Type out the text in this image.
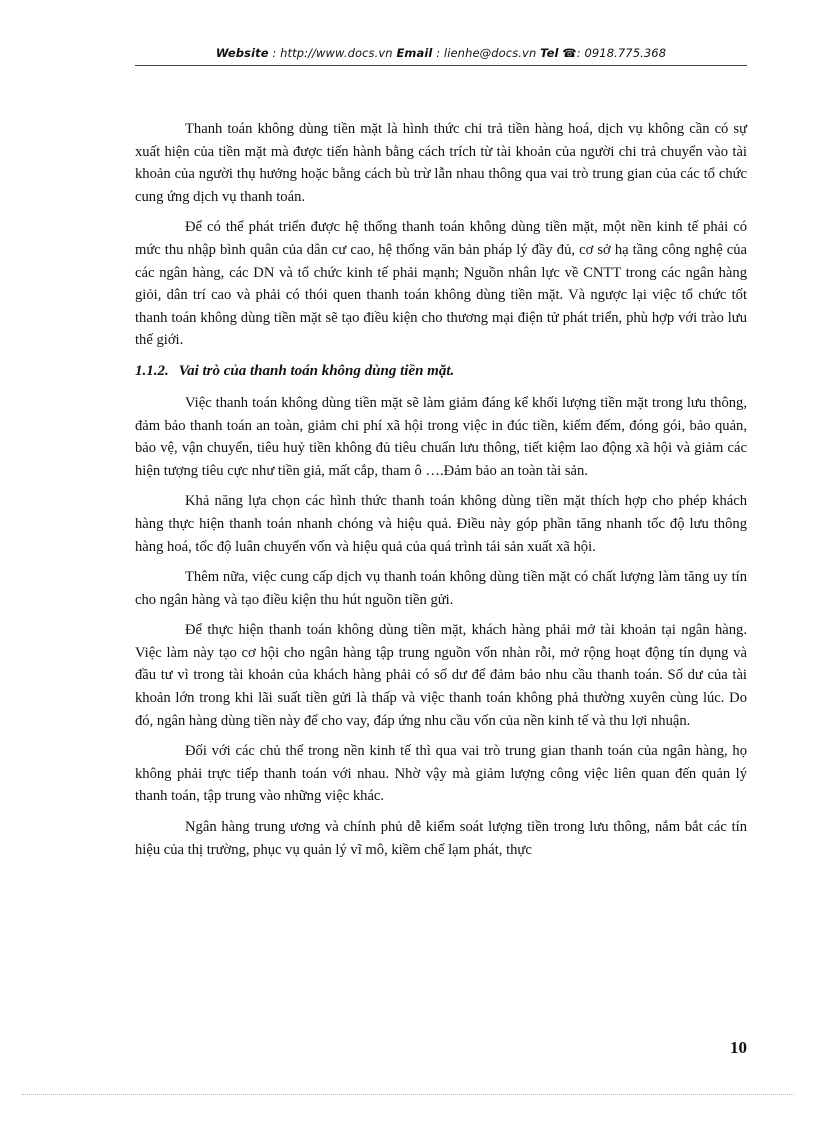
Website : http://www.docs.vn Email : lienhe@docs.vn Tel ☎: 0918.775.368

Thanh toán không dùng tiền mặt là hình thức chi trả tiền hàng hoá, dịch vụ không cần có sự xuất hiện của tiền mặt mà được tiến hành bằng cách trích từ tài khoản của người chi trả chuyển vào tài khoản của người thụ hưởng hoặc bằng cách bù trừ lẫn nhau thông qua vai trò trung gian của các tổ chức cung ứng dịch vụ thanh toán.

Để có thể phát triển được hệ thống thanh toán không dùng tiền mặt, một nền kinh tế phải có mức thu nhập bình quân của dân cư cao, hệ thống văn bản pháp lý đầy đủ, cơ sở hạ tầng công nghệ của các ngân hàng, các DN và tổ chức kinh tế phải mạnh; Nguồn nhân lực về CNTT trong các ngân hàng giỏi, dân trí cao và phải có thói quen thanh toán không dùng tiền mặt. Và ngược lại việc tổ chức tốt thanh toán không dùng tiền mặt sẽ tạo điều kiện cho thương mại điện tử phát triển, phù hợp với trào lưu thế giới.

1.1.2. Vai trò của thanh toán không dùng tiền mặt.

Việc thanh toán không dùng tiền mặt sẽ làm giảm đáng kể khối lượng tiền mặt trong lưu thông, đảm bảo thanh toán an toàn, giảm chi phí xã hội trong việc in đúc tiền, kiểm đếm, đóng gói, bảo quản, bảo vệ, vận chuyển, tiêu huỷ tiền không đủ tiêu chuẩn lưu thông, tiết kiệm lao động xã hội và giảm các hiện tượng tiêu cực như tiền giả, mất cắp, tham ô ….Đảm bảo an toàn tài sản.

Khả năng lựa chọn các hình thức thanh toán không dùng tiền mặt thích hợp cho phép khách hàng thực hiện thanh toán nhanh chóng và hiệu quả. Điều này góp phần tăng nhanh tốc độ lưu thông hàng hoá, tốc độ luân chuyển vốn và hiệu quả của quá trình tái sản xuất xã hội.

Thêm nữa, việc cung cấp dịch vụ thanh toán không dùng tiền mặt có chất lượng làm tăng uy tín cho ngân hàng và tạo điều kiện thu hút nguồn tiền gửi.

Để thực hiện thanh toán không dùng tiền mặt, khách hàng phải mở tài khoản tại ngân hàng. Việc làm này tạo cơ hội cho ngân hàng tập trung nguồn vốn nhàn rỗi, mở rộng hoạt động tín dụng và đầu tư vì trong tài khoản của khách hàng phải có số dư để đảm bảo nhu cầu thanh toán. Số dư của tài khoản lớn trong khi lãi suất tiền gửi là thấp và việc thanh toán không phả thường xuyên cùng lúc. Do đó, ngân hàng dùng tiền này để cho vay, đáp ứng nhu cầu vốn của nền kinh tế và thu lợi nhuận.

Đối với các chủ thể trong nền kinh tế thì qua vai trò trung gian thanh toán của ngân hàng, họ không phải trực tiếp thanh toán với nhau. Nhờ vậy mà giảm lượng công việc liên quan đến quản lý thanh toán, tập trung vào những việc khác.

Ngân hàng trung ương và chính phủ dễ kiểm soát lượng tiền trong lưu thông, nắm bắt các tín hiệu của thị trường, phục vụ quản lý vĩ mô, kiềm chế lạm phát, thực

10
